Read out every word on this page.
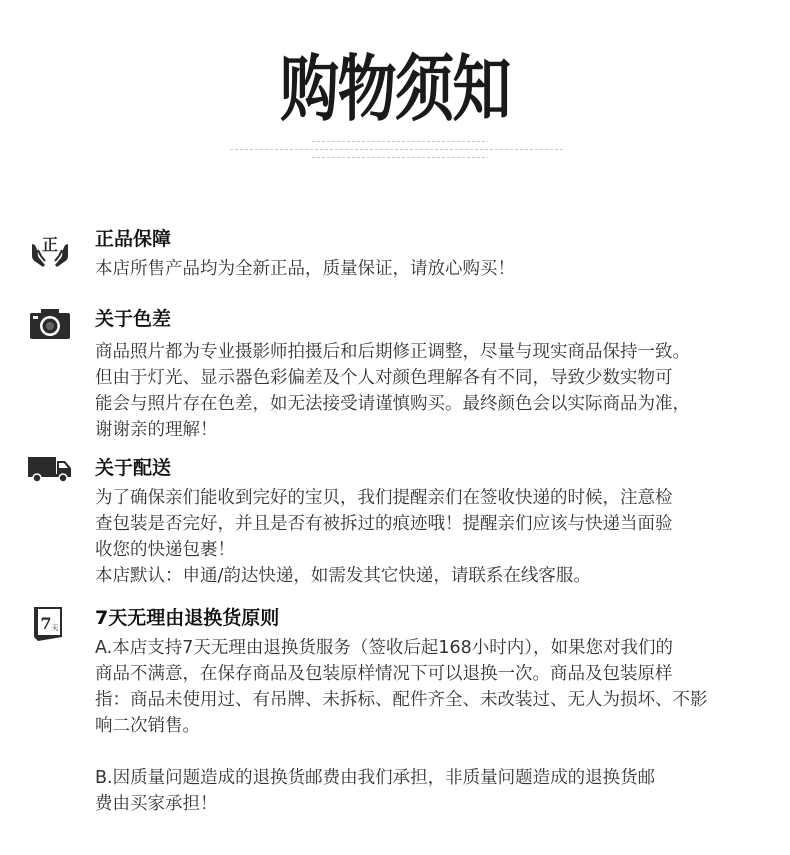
购物须知
正 正品保障

本店所售产品均为全新正品，质量保证，请放心购买！

关于色差

商品照片都为专业摄影师拍摄后和后期修正调整，尽量与现实商品保持一致。

但由于灯光、显示器色彩偏差及个人对颜色理解各有不同，导致少数实物可

能会与照片存在色差，如无法接受请谨慎购买。最终颜色会以实际商品为准，

谢谢亲的理解！

关于配送

为了确保亲们能收到完好的宝贝，我们提醒亲们在签收快递的时候，注意检

查包装是否完好，并且是否有被拆过的痕迹哦！提醒亲们应该与快递当面验

收您的快递包裹！

本店默认：申通/韵达快递，如需发其它快递，请联系在线客服。

7 天 7天无理由退换货原则

A.本店支持7天无理由退换货服务（签收后起168小时内），如果您对我们的

商品不满意，在保存商品及包装原样情况下可以退换一次。商品及包装原样

指：商品未使用过、有吊牌、未拆标、配件齐全、未改装过、无人为损坏、不影

响二次销售。

B.因质量问题造成的退换货邮费由我们承担，非质量问题造成的退换货邮

费由买家承担！
